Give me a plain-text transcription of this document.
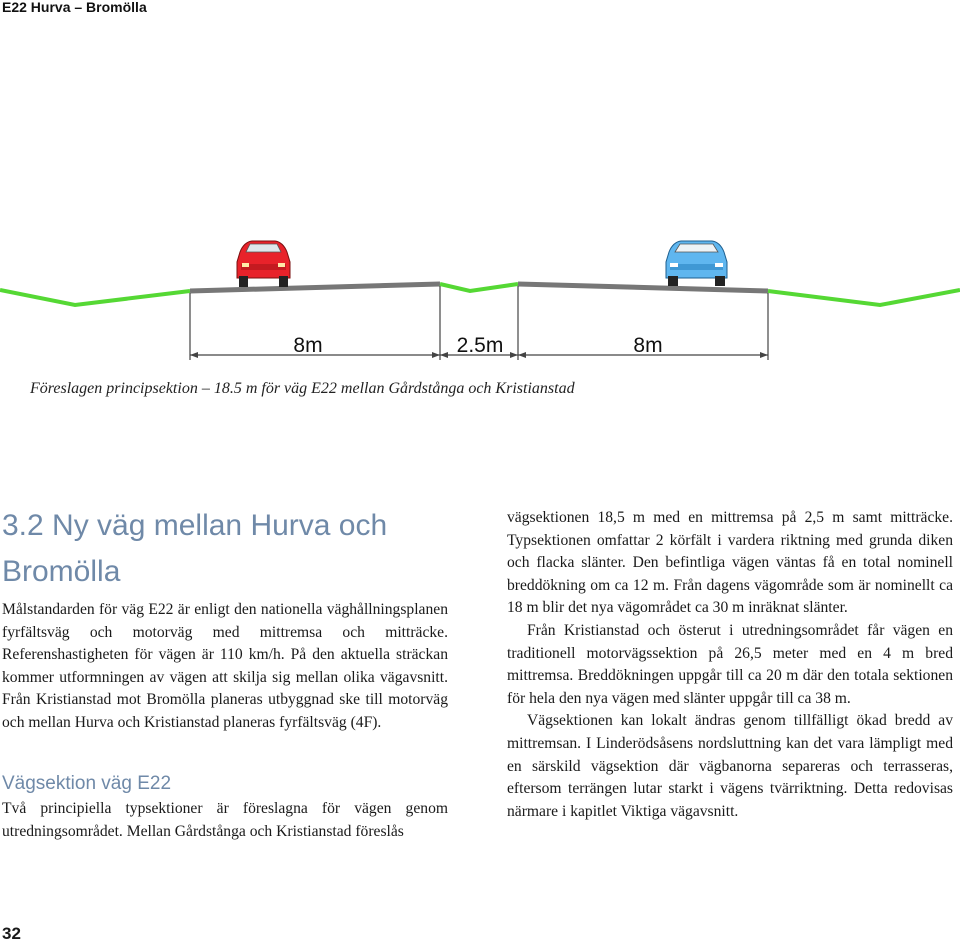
E22 Hurva – Bromölla
8m	2.5m	8m
Föreslagen principsektion – 18.5 m för väg E22 mellan Gårdstånga och Kristianstad
3.2 Ny väg mellan Hurva och Bromölla

Målstandarden för väg E22 är enligt den nationella väghållningsplanen fyrfältsväg och motorväg med mittremsa och mitträcke. Referenshastigheten för vägen är 110 km/h. På den aktuella sträckan kommer utformningen av vägen att skilja sig mellan olika vägavsnitt. Från Kristianstad mot Bromölla planeras utbyggnad ske till motorväg och mellan Hurva och Kristianstad planeras fyrfältsväg (4F).

Vägsektion väg E22

Två principiella typsektioner är föreslagna för vägen genom utredningsområdet. Mellan Gårdstånga och Kristianstad föreslås

vägsektionen 18,5 m med en mittremsa på 2,5 m samt mitträcke. Typsektionen omfattar 2 körfält i vardera riktning med grunda diken och flacka slänter. Den befintliga vägen väntas få en total nominell breddökning om ca 12 m. Från dagens vägområde som är nominellt ca 18 m blir det nya vägområdet ca 30 m inräknat slänter.

Från Kristianstad och österut i utredningsområdet får vägen en traditionell motorvägssektion på 26,5 meter med en 4 m bred mittremsa. Breddökningen uppgår till ca 20 m där den totala sektionen för hela den nya vägen med slänter uppgår till ca 38 m.

Vägsektionen kan lokalt ändras genom tillfälligt ökad bredd av mittremsan. I Linderödsåsens nordsluttning kan det vara lämpligt med en särskild vägsektion där vägbanorna separeras och terrasseras, eftersom terrängen lutar starkt i vägens tvärriktning. Detta redovisas närmare i kapitlet Viktiga vägavsnitt.

32
